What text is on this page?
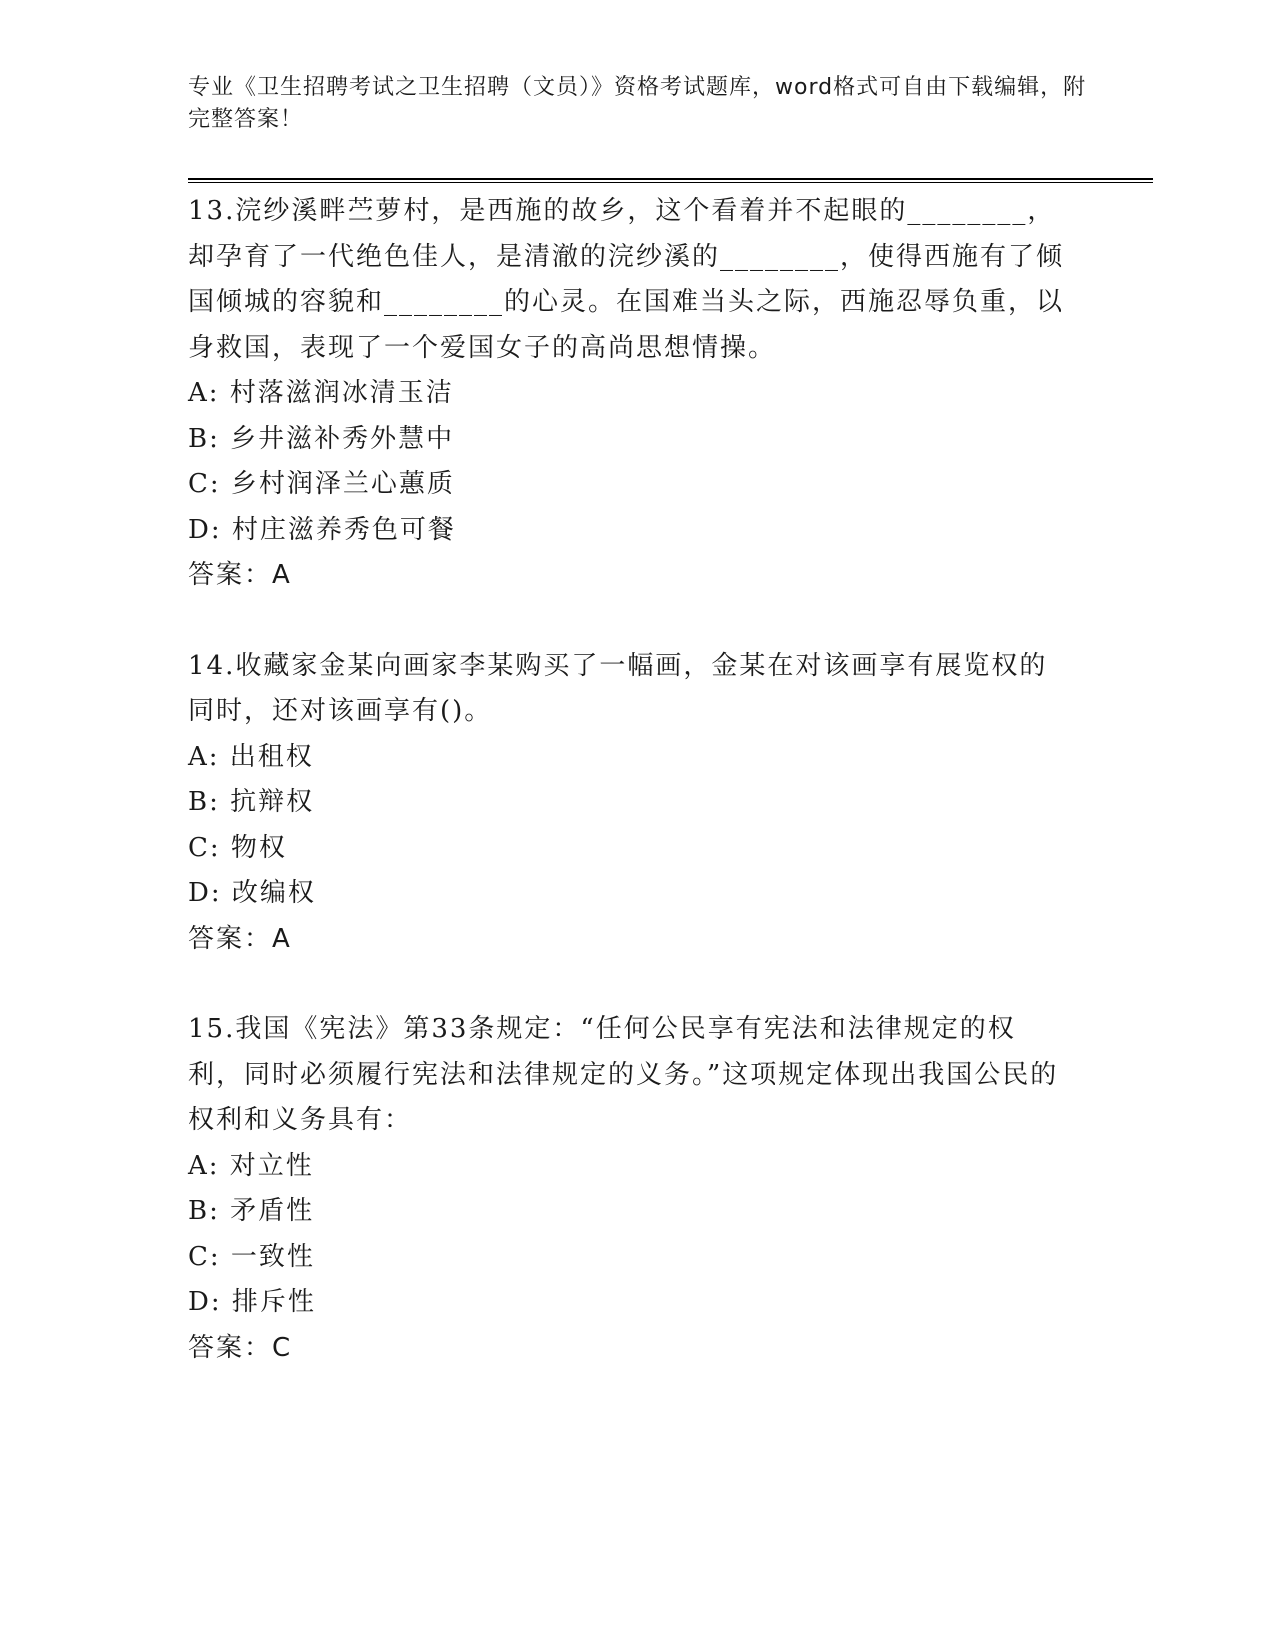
专业《卫生招聘考试之卫生招聘（文员）》资格考试题库，word格式可自由下载编辑，附完整答案！

13.浣纱溪畔苎萝村，是西施的故乡，这个看着并不起眼的________，却孕育了一代绝色佳人，是清澈的浣纱溪的________，使得西施有了倾国倾城的容貌和________的心灵。在国难当头之际，西施忍辱负重，以身救国，表现了一个爱国女子的高尚思想情操。

A: 村落滋润冰清玉洁

B: 乡井滋补秀外慧中

C: 乡村润泽兰心蕙质

D: 村庄滋养秀色可餐

答案：A

14.收藏家金某向画家李某购买了一幅画，金某在对该画享有展览权的同时，还对该画享有()。

A: 出租权

B: 抗辩权

C: 物权

D: 改编权

答案：A

15.我国《宪法》第33条规定：“任何公民享有宪法和法律规定的权利，同时必须履行宪法和法律规定的义务。”这项规定体现出我国公民的权利和义务具有：

A: 对立性

B: 矛盾性

C: 一致性

D: 排斥性

答案：C
